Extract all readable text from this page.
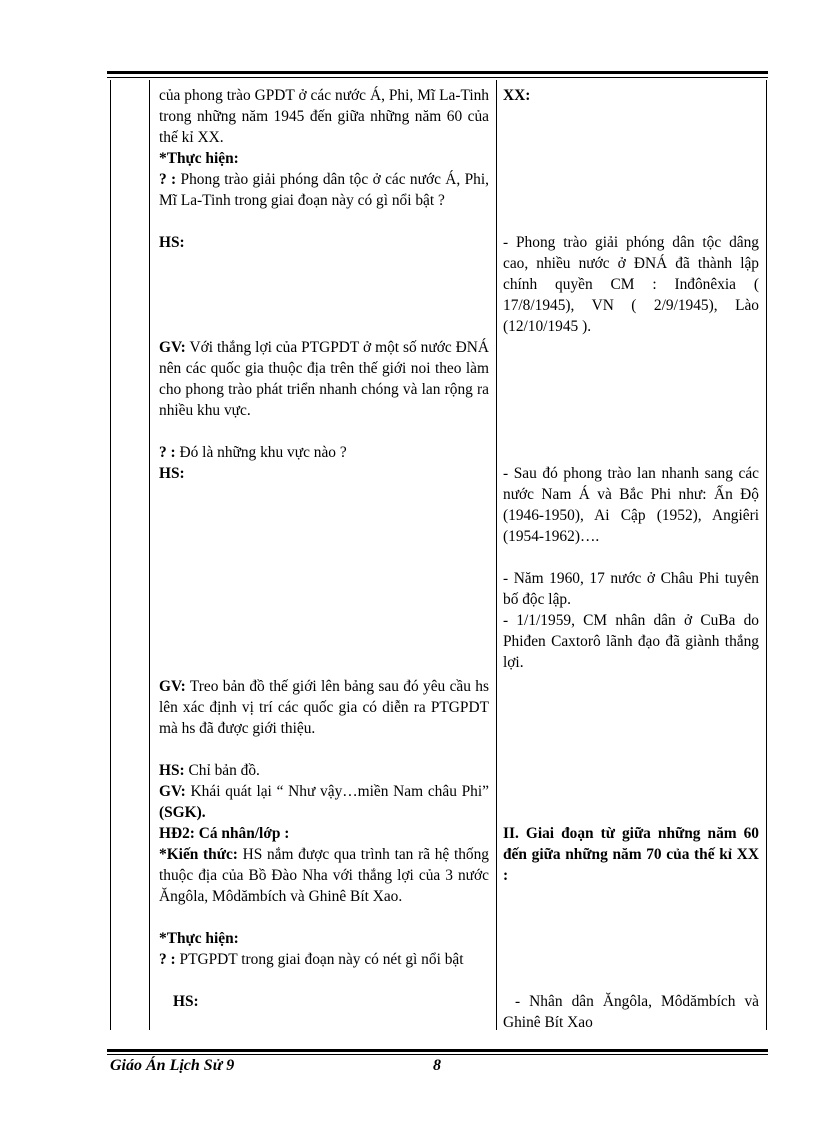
của phong trào GPDT ở các nước Á, Phi, Mĩ La-Tinh trong những năm 1945 đến giữa những năm 60 của thế kỉ XX.

*Thực hiện:

? : Phong trào giải phóng dân tộc ở các nước Á, Phi, Mĩ La-Tinh trong giai đoạn này có gì nổi bật ?

HS:

GV: Với thắng lợi của PTGPDT ở một số nước ĐNÁ nên các quốc gia thuộc địa trên thế giới noi theo làm cho phong trào phát triển nhanh chóng và lan rộng ra nhiều khu vực.

? : Đó là những khu vực nào ?

HS:

GV: Treo bản đồ thế giới lên bảng sau đó yêu cầu hs lên xác định vị trí các quốc gia có diễn ra PTGPDT mà hs đã được giới thiệu.

HS: Chỉ bản đồ.

GV: Khái quát lại “ Như vậy…miền Nam châu Phi” (SGK).

HĐ2: Cá nhân/lớp :

*Kiến thức: HS nắm được qua trình tan rã hệ thống thuộc địa của Bồ Đào Nha với thắng lợi của 3 nước Ăngôla, Môdămbích và Ghinê Bít Xao.

*Thực hiện:

? : PTGPDT trong giai đoạn này có nét gì nổi bật

HS:
XX:

- Phong trào giải phóng dân tộc dâng cao, nhiều nước ở ĐNÁ đã thành lập chính quyền CM : Inđônêxia ( 17/8/1945), VN ( 2/9/1945), Lào (12/10/1945 ).

- Sau đó phong trào lan nhanh sang các nước Nam Á và Bắc Phi như: Ấn Độ (1946-1950), Ai Cập (1952), Angiêri (1954-1962)….

- Năm 1960, 17 nước ở Châu Phi tuyên bố độc lập.

- 1/1/1959, CM nhân dân ở CuBa do Phiđen Caxtorô lãnh đạo đã giành thắng lợi.

II. Giai đoạn từ giữa những năm 60 đến giữa những năm 70 của thế kỉ XX :

- Nhân dân Ăngôla, Môdămbích và Ghinê Bít Xao

Giáo Án Lịch Sử 9	8
